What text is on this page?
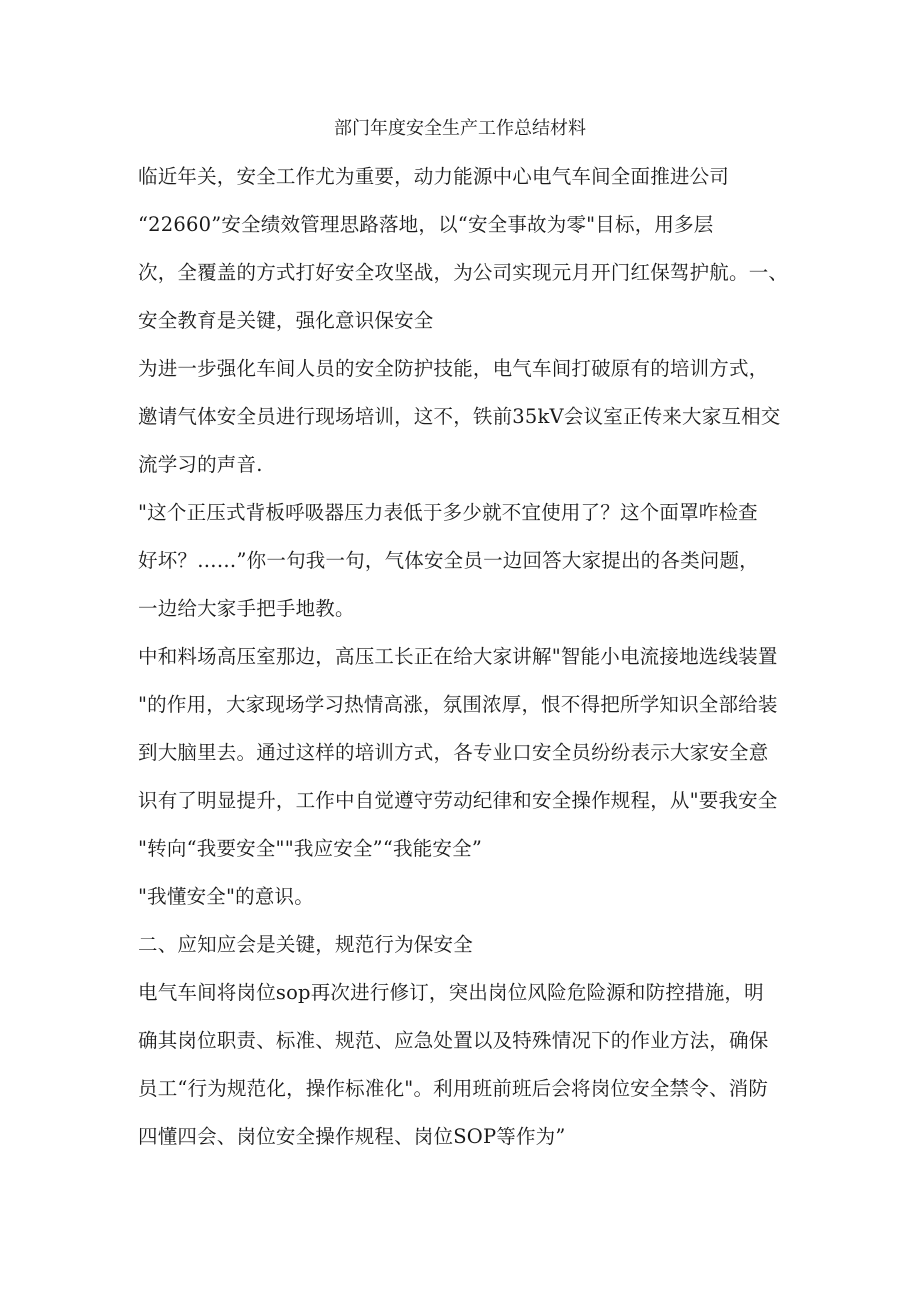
部门年度安全生产工作总结材料
临近年关，安全工作尤为重要，动力能源中心电气车间全面推进公司
“22660”安全绩效管理思路落地，以“安全事故为零"目标，用多层
次，全覆盖的方式打好安全攻坚战，为公司实现元月开门红保驾护航。一、
安全教育是关键，强化意识保安全
为进一步强化车间人员的安全防护技能，电气车间打破原有的培训方式，
邀请气体安全员进行现场培训，这不，铁前35kV会议室正传来大家互相交
流学习的声音.
"这个正压式背板呼吸器压力表低于多少就不宜使用了？这个面罩咋检查
好坏？……”你一句我一句，气体安全员一边回答大家提出的各类问题，
一边给大家手把手地教。
中和料场高压室那边，高压工长正在给大家讲解"智能小电流接地选线装置
"的作用，大家现场学习热情高涨，氛围浓厚，恨不得把所学知识全部给装
到大脑里去。通过这样的培训方式，各专业口安全员纷纷表示大家安全意
识有了明显提升，工作中自觉遵守劳动纪律和安全操作规程，从"要我安全
"转向“我要安全""我应安全”“我能安全”
"我懂安全"的意识。
二、应知应会是关键，规范行为保安全
电气车间将岗位sop再次进行修订，突出岗位风险危险源和防控措施，明
确其岗位职责、标准、规范、应急处置以及特殊情况下的作业方法，确保
员工“行为规范化，操作标准化"。利用班前班后会将岗位安全禁令、消防
四懂四会、岗位安全操作规程、岗位SOP等作为”
